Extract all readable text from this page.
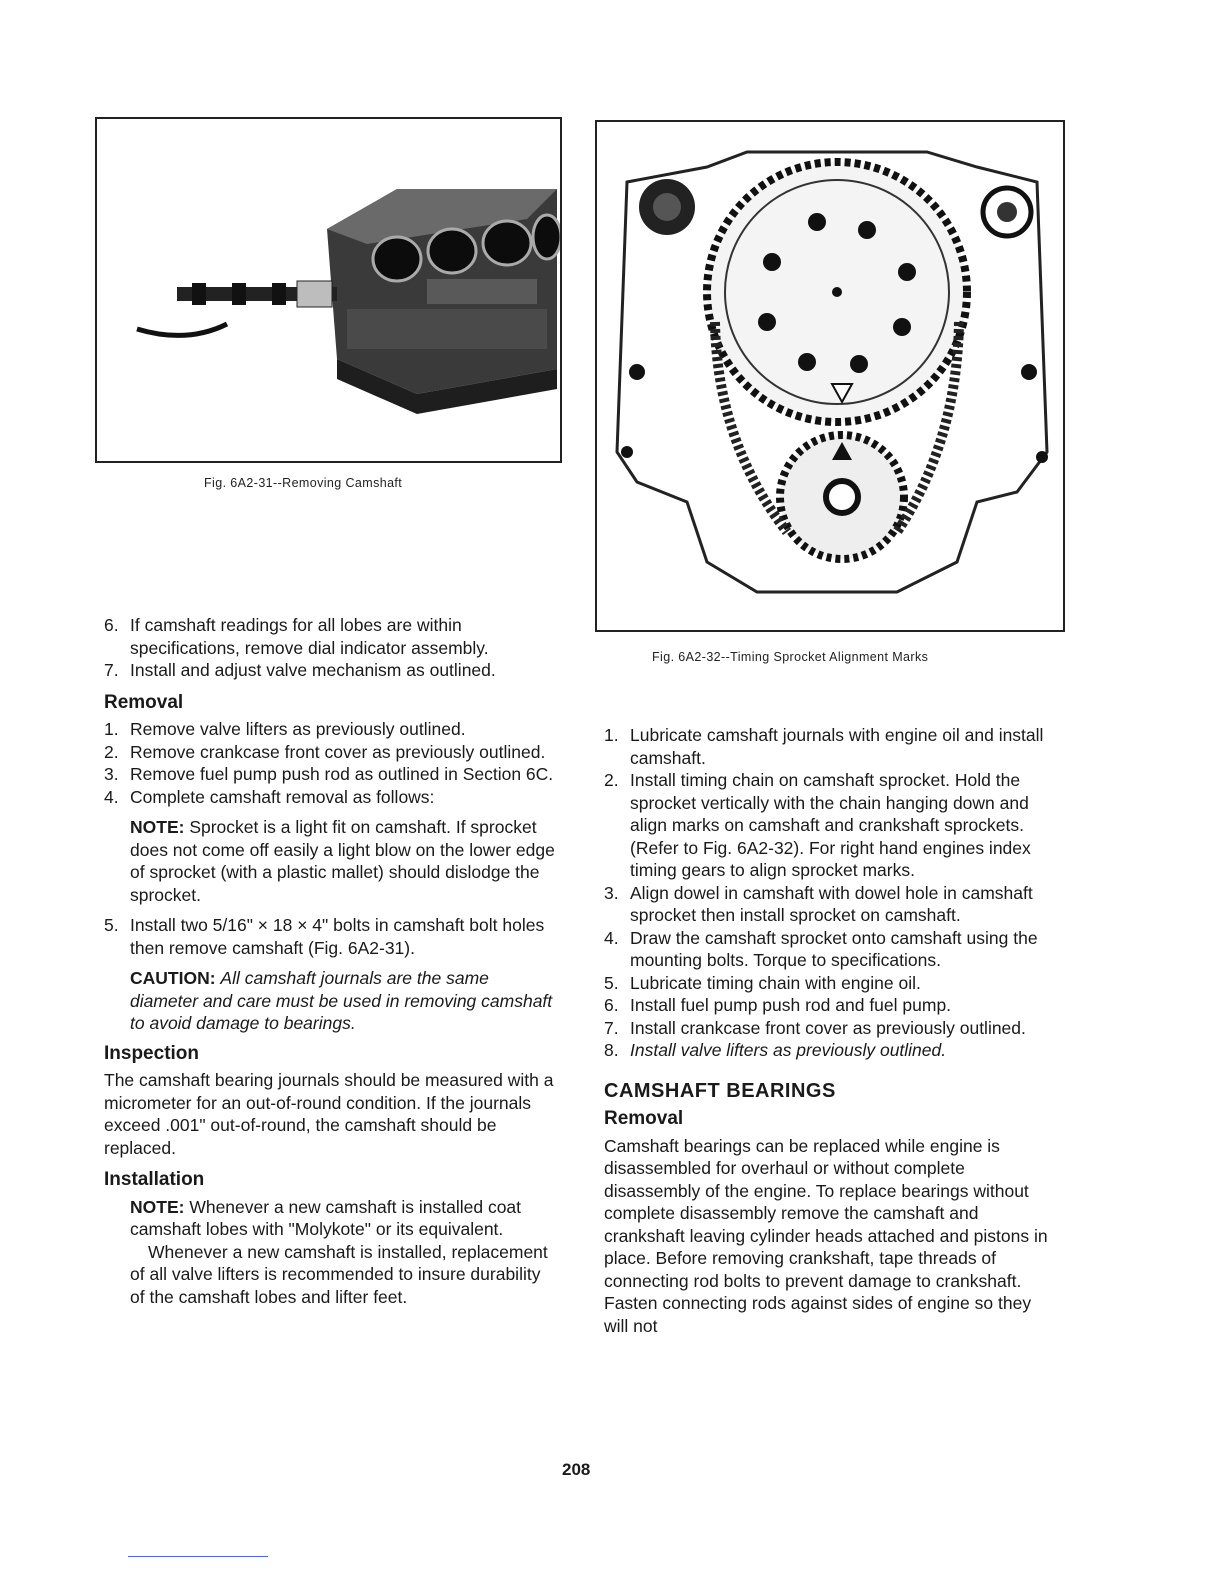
Fig. 6A2-31--Removing Camshaft
Fig. 6A2-32--Timing Sprocket Alignment Marks
6. If camshaft readings for all lobes are within specifications, remove dial indicator assembly.
7. Install and adjust valve mechanism as outlined.
Removal
1. Remove valve lifters as previously outlined.
2. Remove crankcase front cover as previously outlined.
3. Remove fuel pump push rod as outlined in Section 6C.
4. Complete camshaft removal as follows:

NOTE: Sprocket is a light fit on camshaft. If sprocket does not come off easily a light blow on the lower edge of sprocket (with a plastic mallet) should dislodge the sprocket.

5. Install two 5/16" × 18 × 4" bolts in camshaft bolt holes then remove camshaft (Fig. 6A2-31).

CAUTION: All camshaft journals are the same diameter and care must be used in removing camshaft to avoid damage to bearings.

Inspection

The camshaft bearing journals should be measured with a micrometer for an out-of-round condition. If the journals exceed .001" out-of-round, the camshaft should be replaced.

Installation

NOTE: Whenever a new camshaft is installed coat camshaft lobes with "Molykote" or its equivalent.

Whenever a new camshaft is installed, replacement of all valve lifters is recommended to insure durability of the camshaft lobes and lifter feet.

1. Lubricate camshaft journals with engine oil and install camshaft.
2. Install timing chain on camshaft sprocket. Hold the sprocket vertically with the chain hanging down and align marks on camshaft and crankshaft sprockets. (Refer to Fig. 6A2-32). For right hand engines index timing gears to align sprocket marks.
3. Align dowel in camshaft with dowel hole in camshaft sprocket then install sprocket on camshaft.
4. Draw the camshaft sprocket onto camshaft using the mounting bolts. Torque to specifications.
5. Lubricate timing chain with engine oil.
6. Install fuel pump push rod and fuel pump.
7. Install crankcase front cover as previously outlined.
8. Install valve lifters as previously outlined.
CAMSHAFT BEARINGS
Removal

Camshaft bearings can be replaced while engine is disassembled for overhaul or without complete disassembly of the engine. To replace bearings without complete disassembly remove the camshaft and crankshaft leaving cylinder heads attached and pistons in place. Before removing crankshaft, tape threads of connecting rod bolts to prevent damage to crankshaft. Fasten connecting rods against sides of engine so they will not

208
